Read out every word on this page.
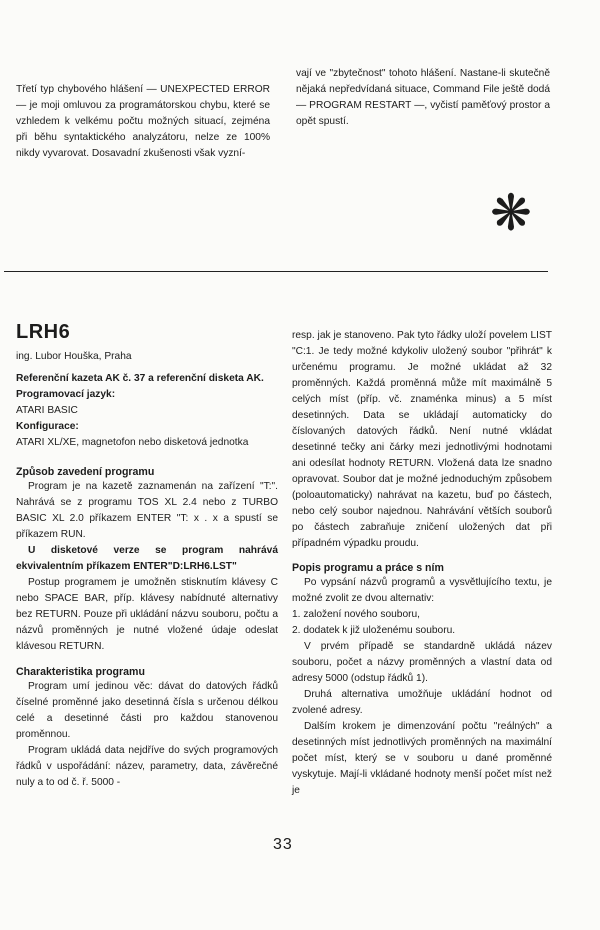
Třetí typ chybového hlášení — UNEXPECTED ERROR — je moji omluvou za programátorskou chybu, které se vzhledem k velkému počtu možných situací, zejména při běhu syntaktického analyzátoru, nelze ze 100% nikdy vyvarovat. Dosavadní zkušenosti však vyzní-

vají ve "zbytečnost" tohoto hlášení. Nastane-li skutečně nějaká nepředvídaná situace, Command File ještě dodá — PROGRAM RESTART —, vyčistí paměťový prostor a opět spustí.

❋
LRH6
ing. Lubor Houška, Praha
Referenční kazeta AK č. 37 a referenční disketa AK.
Programovací jazyk:
ATARI BASIC
Konfigurace:
ATARI XL/XE, magnetofon nebo disketová jednotka
Způsob zavedení programu

Program je na kazetě zaznamenán na zařízení "T:". Nahrává se z programu TOS XL 2.4 nebo z TURBO BASIC XL 2.0 příkazem ENTER "T: x . x a spustí se příkazem RUN.

U disketové verze se program nahrává ekvivalentním příkazem ENTER"D:LRH6.LST"

Postup programem je umožněn stisknutím klávesy C nebo SPACE BAR, příp. klávesy nabídnuté alternativy bez RETURN. Pouze při ukládání názvu souboru, počtu a názvů proměnných je nutné vložené údaje odeslat klávesou RETURN.

Charakteristika programu

Program umí jedinou věc: dávat do datových řádků číselné proměnné jako desetinná čísla s určenou délkou celé a desetinné části pro každou stanovenou proměnnou.

Program ukládá data nejdříve do svých programových řádků v uspořádání: název, parametry, data, závěrečné nuly a to od č. ř. 5000 -

resp. jak je stanoveno. Pak tyto řádky uloží povelem LIST "C:1. Je tedy možné kdykoliv uložený soubor "přihrát" k určenému programu. Je možné ukládat až 32 proměnných. Každá proměnná může mít maximálně 5 celých míst (příp. vč. znaménka minus) a 5 míst desetinných. Data se ukládají automaticky do číslovaných datových řádků. Není nutné vkládat desetinné tečky ani čárky mezi jednotlivými hodnotami ani odesílat hodnoty RETURN. Vložená data lze snadno opravovat. Soubor dat je možné jednoduchým způsobem (poloautomaticky) nahrávat na kazetu, buď po částech, nebo celý soubor najednou. Nahrávání větších souborů po částech zabraňuje zničení uložených dat při případném výpadku proudu.

Popis programu a práce s ním

Po vypsání názvů programů a vysvětlujícího textu, je možné zvolit ze dvou alternativ:

1. založení nového souboru,

2. dodatek k již uloženému souboru.

V prvém případě se standardně ukládá název souboru, počet a názvy proměnných a vlastní data od adresy 5000 (odstup řádků 1).

Druhá alternativa umožňuje ukládání hodnot od zvolené adresy.

Dalším krokem je dimenzování počtu "reálných" a desetinných míst jednotlivých proměnných na maximální počet míst, který se v souboru u dané proměnné vyskytuje. Mají-li vkládané hodnoty menší počet míst než je

33
